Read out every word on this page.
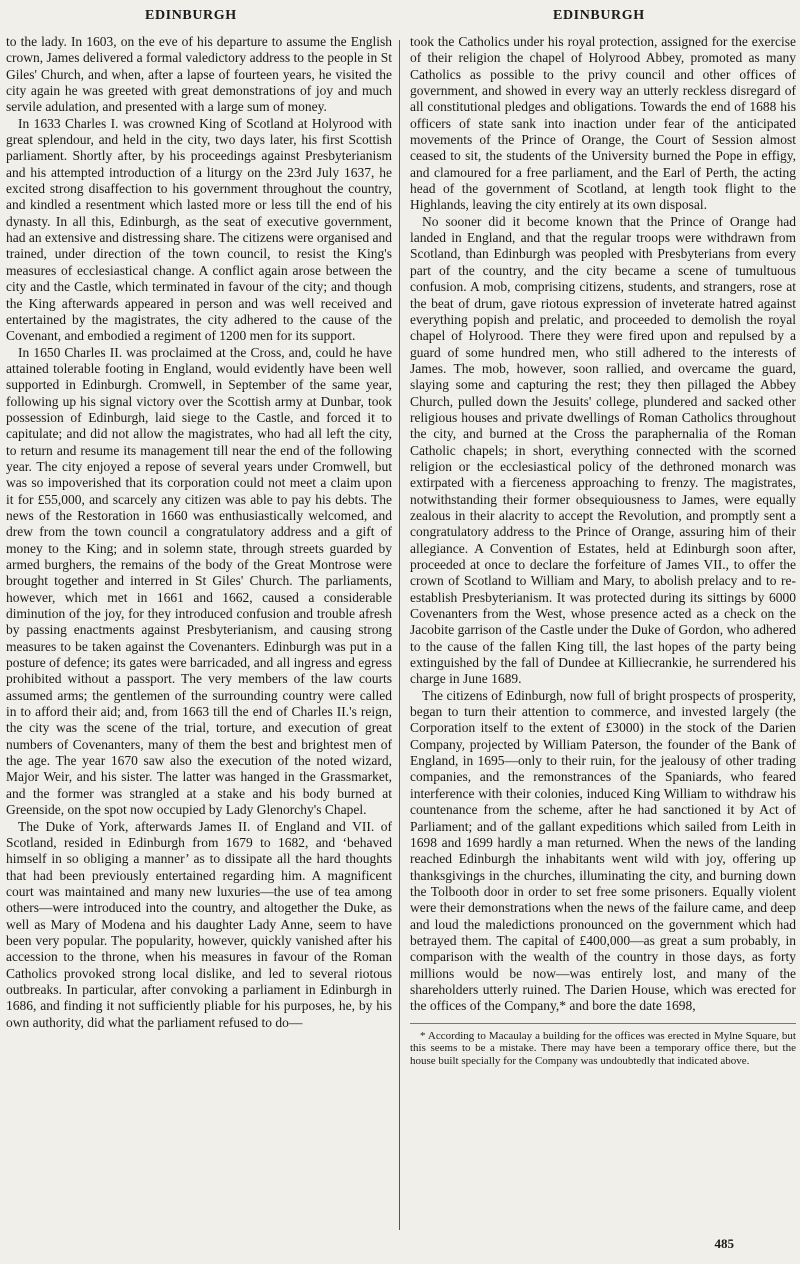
EDINBURGH	EDINBURGH

to the lady. In 1603, on the eve of his departure to assume the English crown, James delivered a formal valedictory address to the people in St Giles' Church, and when, after a lapse of fourteen years, he visited the city again he was greeted with great demonstrations of joy and much servile adulation, and presented with a large sum of money.

In 1633 Charles I. was crowned King of Scotland at Holyrood with great splendour, and held in the city, two days later, his first Scottish parliament. Shortly after, by his proceedings against Presbyterianism and his attempted introduction of a liturgy on the 23rd July 1637, he excited strong disaffection to his government throughout the country, and kindled a resentment which lasted more or less till the end of his dynasty. In all this, Edinburgh, as the seat of executive government, had an extensive and distressing share. The citizens were organised and trained, under direction of the town council, to resist the King's measures of ecclesiastical change. A conflict again arose between the city and the Castle, which terminated in favour of the city; and though the King afterwards appeared in person and was well received and entertained by the magistrates, the city adhered to the cause of the Covenant, and embodied a regiment of 1200 men for its support.

In 1650 Charles II. was proclaimed at the Cross, and, could he have attained tolerable footing in England, would evidently have been well supported in Edinburgh. Cromwell, in September of the same year, following up his signal victory over the Scottish army at Dunbar, took possession of Edinburgh, laid siege to the Castle, and forced it to capitulate; and did not allow the magistrates, who had all left the city, to return and resume its management till near the end of the following year. The city enjoyed a repose of several years under Cromwell, but was so impoverished that its corporation could not meet a claim upon it for £55,000, and scarcely any citizen was able to pay his debts. The news of the Restoration in 1660 was enthusiastically welcomed, and drew from the town council a congratulatory address and a gift of money to the King; and in solemn state, through streets guarded by armed burghers, the remains of the body of the Great Montrose were brought together and interred in St Giles' Church. The parliaments, however, which met in 1661 and 1662, caused a considerable diminution of the joy, for they introduced confusion and trouble afresh by passing enactments against Presbyterianism, and causing strong measures to be taken against the Covenanters. Edinburgh was put in a posture of defence; its gates were barricaded, and all ingress and egress prohibited without a passport. The very members of the law courts assumed arms; the gentlemen of the surrounding country were called in to afford their aid; and, from 1663 till the end of Charles II.'s reign, the city was the scene of the trial, torture, and execution of great numbers of Covenanters, many of them the best and brightest men of the age. The year 1670 saw also the execution of the noted wizard, Major Weir, and his sister. The latter was hanged in the Grassmarket, and the former was strangled at a stake and his body burned at Greenside, on the spot now occupied by Lady Glenorchy's Chapel.

The Duke of York, afterwards James II. of England and VII. of Scotland, resided in Edinburgh from 1679 to 1682, and ‘behaved himself in so obliging a manner’ as to dissipate all the hard thoughts that had been previously entertained regarding him. A magnificent court was maintained and many new luxuries—the use of tea among others—were introduced into the country, and altogether the Duke, as well as Mary of Modena and his daughter Lady Anne, seem to have been very popular. The popularity, however, quickly vanished after his accession to the throne, when his measures in favour of the Roman Catholics provoked strong local dislike, and led to several riotous outbreaks. In particular, after convoking a parliament in Edinburgh in 1686, and finding it not sufficiently pliable for his purposes, he, by his own authority, did what the parliament refused to do—

took the Catholics under his royal protection, assigned for the exercise of their religion the chapel of Holyrood Abbey, promoted as many Catholics as possible to the privy council and other offices of government, and showed in every way an utterly reckless disregard of all constitutional pledges and obligations. Towards the end of 1688 his officers of state sank into inaction under fear of the anticipated movements of the Prince of Orange, the Court of Session almost ceased to sit, the students of the University burned the Pope in effigy, and clamoured for a free parliament, and the Earl of Perth, the acting head of the government of Scotland, at length took flight to the Highlands, leaving the city entirely at its own disposal.

No sooner did it become known that the Prince of Orange had landed in England, and that the regular troops were withdrawn from Scotland, than Edinburgh was peopled with Presbyterians from every part of the country, and the city became a scene of tumultuous confusion. A mob, comprising citizens, students, and strangers, rose at the beat of drum, gave riotous expression of inveterate hatred against everything popish and prelatic, and proceeded to demolish the royal chapel of Holyrood. There they were fired upon and repulsed by a guard of some hundred men, who still adhered to the interests of James. The mob, however, soon rallied, and overcame the guard, slaying some and capturing the rest; they then pillaged the Abbey Church, pulled down the Jesuits' college, plundered and sacked other religious houses and private dwellings of Roman Catholics throughout the city, and burned at the Cross the paraphernalia of the Roman Catholic chapels; in short, everything connected with the scorned religion or the ecclesiastical policy of the dethroned monarch was extirpated with a fierceness approaching to frenzy. The magistrates, notwithstanding their former obsequiousness to James, were equally zealous in their alacrity to accept the Revolution, and promptly sent a congratulatory address to the Prince of Orange, assuring him of their allegiance. A Convention of Estates, held at Edinburgh soon after, proceeded at once to declare the forfeiture of James VII., to offer the crown of Scotland to William and Mary, to abolish prelacy and to re-establish Presbyterianism. It was protected during its sittings by 6000 Covenanters from the West, whose presence acted as a check on the Jacobite garrison of the Castle under the Duke of Gordon, who adhered to the cause of the fallen King till, the last hopes of the party being extinguished by the fall of Dundee at Killiecrankie, he surrendered his charge in June 1689.

The citizens of Edinburgh, now full of bright prospects of prosperity, began to turn their attention to commerce, and invested largely (the Corporation itself to the extent of £3000) in the stock of the Darien Company, projected by William Paterson, the founder of the Bank of England, in 1695—only to their ruin, for the jealousy of other trading companies, and the remonstrances of the Spaniards, who feared interference with their colonies, induced King William to withdraw his countenance from the scheme, after he had sanctioned it by Act of Parliament; and of the gallant expeditions which sailed from Leith in 1698 and 1699 hardly a man returned. When the news of the landing reached Edinburgh the inhabitants went wild with joy, offering up thanksgivings in the churches, illuminating the city, and burning down the Tolbooth door in order to set free some prisoners. Equally violent were their demonstrations when the news of the failure came, and deep and loud the maledictions pronounced on the government which had betrayed them. The capital of £400,000—as great a sum probably, in comparison with the wealth of the country in those days, as forty millions would be now—was entirely lost, and many of the shareholders utterly ruined. The Darien House, which was erected for the offices of the Company,* and bore the date 1698,

* According to Macaulay a building for the offices was erected in Mylne Square, but this seems to be a mistake. There may have been a temporary office there, but the house built specially for the Company was undoubtedly that indicated above.
485
